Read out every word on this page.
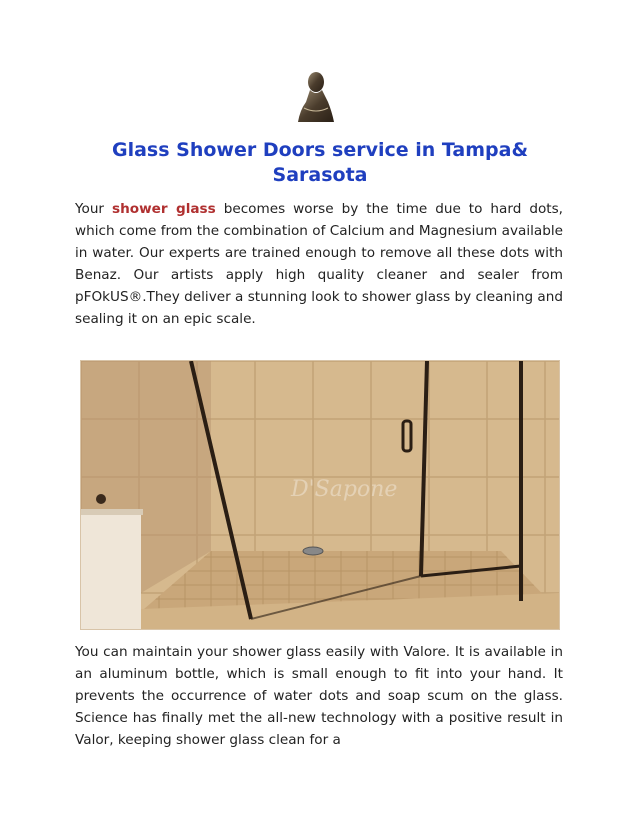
Glass Shower Doors service in Tampa& Sarasota
Your shower glass becomes worse by the time due to hard dots, which come from the combination of Calcium and Magnesium available in water. Our experts are trained enough to remove all these dots with Benaz. Our artists apply high quality cleaner and sealer from pFOkUS®.They deliver a stunning look to shower glass by cleaning and sealing it on an epic scale.
D'Sapone
You can maintain your shower glass easily with Valore. It is available in an aluminum bottle, which is small enough to fit into your hand. It prevents the occurrence of water dots and soap scum on the glass. Science has finally met the all-new technology with a positive result in Valor, keeping shower glass clean for a
